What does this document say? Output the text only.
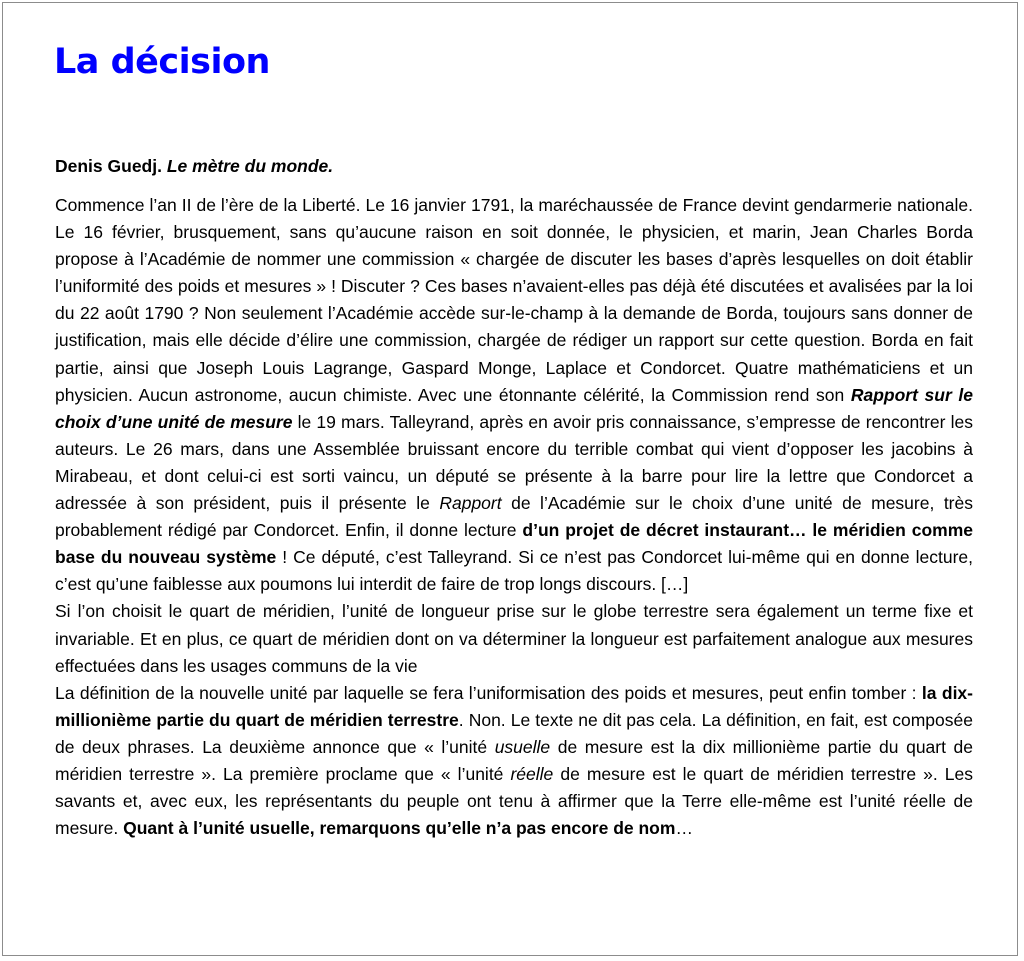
La décision
Denis Guedj. Le mètre du monde.

Commence l’an II de l’ère de la Liberté. Le 16 janvier 1791, la maréchaussée de France devint gendarmerie nationale. Le 16 février, brusquement, sans qu’aucune raison en soit donnée, le physicien, et marin, Jean Charles Borda propose à l’Académie de nommer une commission « chargée de discuter les bases d’après lesquelles on doit établir l’uniformité des poids et mesures » ! Discuter ? Ces bases n’avaient-elles pas déjà été discutées et avalisées par la loi du 22 août 1790 ? Non seulement l’Académie accède sur-le-champ à la demande de Borda, toujours sans donner de justification, mais elle décide d’élire une commission, chargée de rédiger un rapport sur cette question. Borda en fait partie, ainsi que Joseph Louis Lagrange, Gaspard Monge, Laplace et Condorcet. Quatre mathématiciens et un physicien. Aucun astronome, aucun chimiste. Avec une étonnante célérité, la Commission rend son Rapport sur le choix d’une unité de mesure le 19 mars. Talleyrand, après en avoir pris connaissance, s’empresse de rencontrer les auteurs. Le 26 mars, dans une Assemblée bruissant encore du terrible combat qui vient d’opposer les jacobins à Mirabeau, et dont celui-ci est sorti vaincu, un député se présente à la barre pour lire la lettre que Condorcet a adressée à son président, puis il présente le Rapport de l’Académie sur le choix d’une unité de mesure, très probablement rédigé par Condorcet. Enfin, il donne lecture d’un projet de décret instaurant… le méridien comme base du nouveau système ! Ce député, c’est Talleyrand. Si ce n’est pas Condorcet lui-même qui en donne lecture, c’est qu’une faiblesse aux poumons lui interdit de faire de trop longs discours. […]

Si l’on choisit le quart de méridien, l’unité de longueur prise sur le globe terrestre sera également un terme fixe et invariable. Et en plus, ce quart de méridien dont on va déterminer la longueur est parfaitement analogue aux mesures effectuées dans les usages communs de la vie

La définition de la nouvelle unité par laquelle se fera l’uniformisation des poids et mesures, peut enfin tomber : la dix-millionième partie du quart de méridien terrestre. Non. Le texte ne dit pas cela. La définition, en fait, est composée de deux phrases. La deuxième annonce que « l’unité usuelle de mesure est la dix millionième partie du quart de méridien terrestre ». La première proclame que « l’unité réelle de mesure est le quart de méridien terrestre ». Les savants et, avec eux, les représentants du peuple ont tenu à affirmer que la Terre elle-même est l’unité réelle de mesure. Quant à l’unité usuelle, remarquons qu’elle n’a pas encore de nom…
